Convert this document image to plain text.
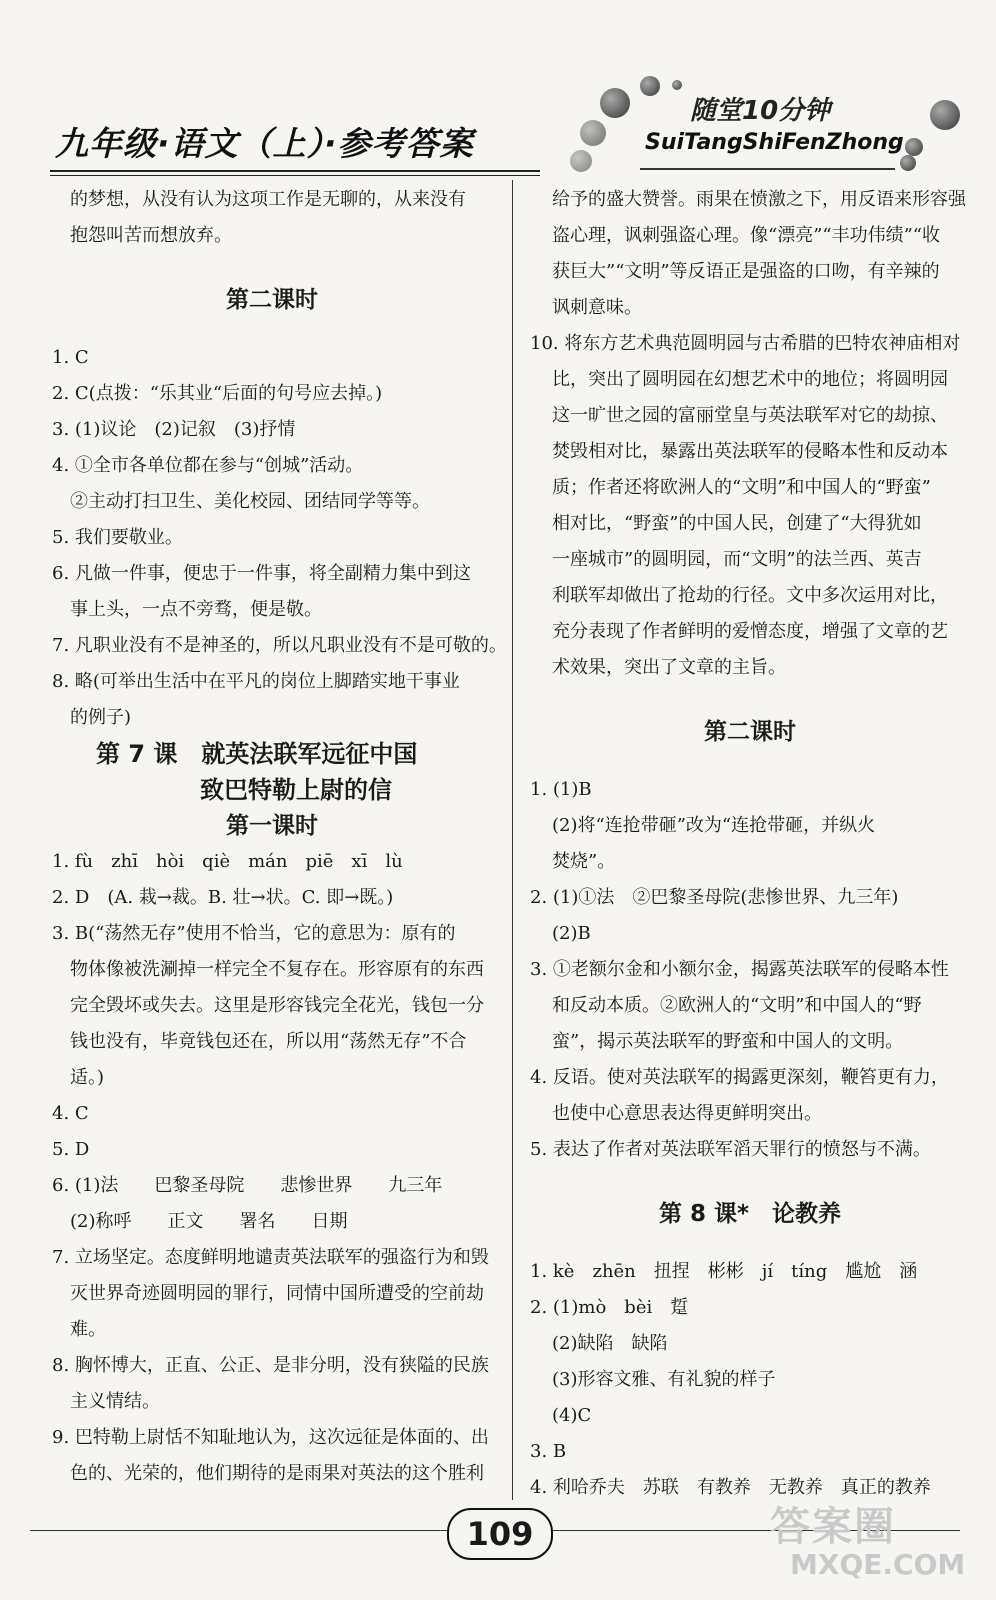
九年级·语文（上）·参考答案
随堂10分钟
SuiTangShiFenZhong
的梦想，从没有认为这项工作是无聊的，从来没有
抱怨叫苦而想放弃。
第二课时
1. C
2. C(点拨：“乐其业“后面的句号应去掉。)
3. (1)议论　(2)记叙　(3)抒情
4. ①全市各单位都在参与“创城”活动。
②主动打扫卫生、美化校园、团结同学等等。
5. 我们要敬业。
6. 凡做一件事，便忠于一件事，将全副精力集中到这
事上头，一点不旁骛，便是敬。
7. 凡职业没有不是神圣的，所以凡职业没有不是可敬的。
8. 略(可举出生活中在平凡的岗位上脚踏实地干事业
的例子)
第 7 课　就英法联军远征中国
致巴特勒上尉的信
第一课时
1. fù　zhī　hòi　qiè　mán　piē　xī　lù
2. D　(A. 栽→裁。B. 壮→状。C. 即→既。)
3. B(“荡然无存”使用不恰当，它的意思为：原有的
物体像被洗涮掉一样完全不复存在。形容原有的东西
完全毁坏或失去。这里是形容钱完全花光，钱包一分
钱也没有，毕竟钱包还在，所以用“荡然无存”不合
适。)
4. C
5. D
6. (1)法　　巴黎圣母院　　悲惨世界　　九三年
(2)称呼　　正文　　署名　　日期
7. 立场坚定。态度鲜明地谴责英法联军的强盗行为和毁
灭世界奇迹圆明园的罪行，同情中国所遭受的空前劫
难。
8. 胸怀博大，正直、公正、是非分明，没有狭隘的民族
主义情结。
9. 巴特勒上尉恬不知耻地认为，这次远征是体面的、出
色的、光荣的，他们期待的是雨果对英法的这个胜利
给予的盛大赞誉。雨果在愤激之下，用反语来形容强
盗心理，讽刺强盗心理。像“漂亮”“丰功伟绩”“收
获巨大”“文明”等反语正是强盗的口吻，有辛辣的
讽刺意味。
10. 将东方艺术典范圆明园与古希腊的巴特农神庙相对
比，突出了圆明园在幻想艺术中的地位；将圆明园
这一旷世之园的富丽堂皇与英法联军对它的劫掠、
焚毁相对比，暴露出英法联军的侵略本性和反动本
质；作者还将欧洲人的“文明”和中国人的“野蛮”
相对比，“野蛮”的中国人民，创建了“大得犹如
一座城市”的圆明园，而“文明”的法兰西、英吉
利联军却做出了抢劫的行径。文中多次运用对比，
充分表现了作者鲜明的爱憎态度，增强了文章的艺
术效果，突出了文章的主旨。
第二课时
1. (1)B
(2)将“连抢带砸”改为“连抢带砸，并纵火
焚烧”。
2. (1)①法　②巴黎圣母院(悲惨世界、九三年)
(2)B
3. ①老额尔金和小额尔金，揭露英法联军的侵略本性
和反动本质。②欧洲人的“文明”和中国人的“野
蛮”，揭示英法联军的野蛮和中国人的文明。
4. 反语。使对英法联军的揭露更深刻，鞭笞更有力，
也使中心意思表达得更鲜明突出。
5. 表达了作者对英法联军滔天罪行的愤怒与不满。
第 8 课*　论教养
1. kè　zhēn　扭捏　彬彬　jí　tíng　尴尬　涵
2. (1)mò　bèi　踅
(2)缺陷　缺陷
(3)形容文雅、有礼貌的样子
(4)C
3. B
4. 利哈乔夫　苏联　有教养　无教养　真正的教养
109	答案圈
MXQE.COM
